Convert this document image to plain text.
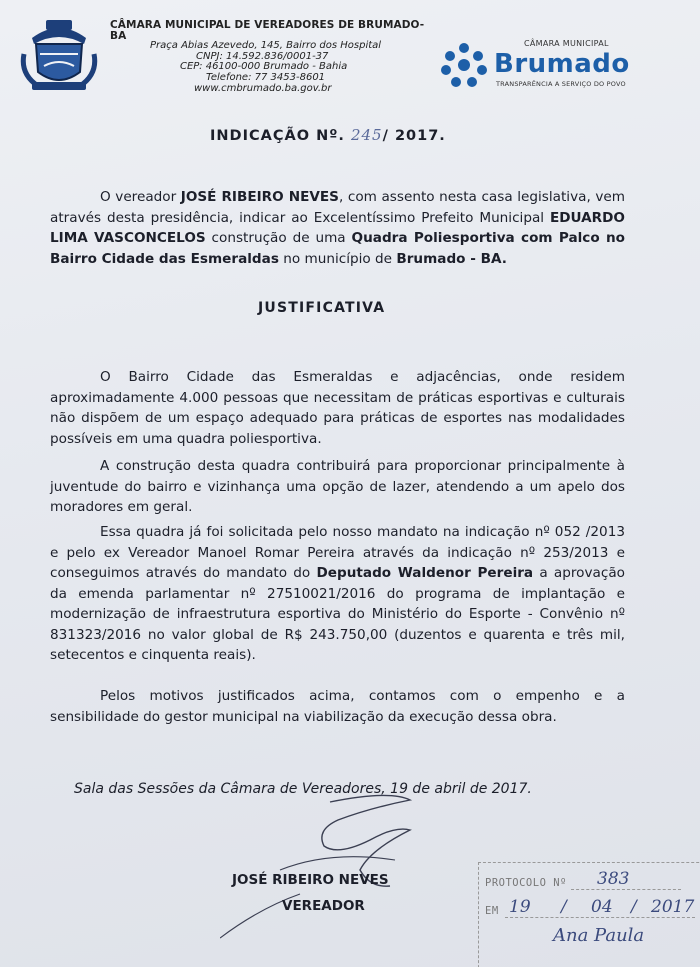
CÂMARA MUNICIPAL DE VEREADORES DE BRUMADO-BA
Praça Abias Azevedo, 145, Bairro dos Hospital
CNPJ: 14.592.836/0001-37
CEP: 46100-000 Brumado - Bahia
Telefone: 77 3453-8601
www.cmbrumado.ba.gov.br
CÂMARA MUNICIPAL
Brumado
TRANSPARÊNCIA A SERVIÇO DO POVO
INDICAÇÃO Nº. 245/ 2017.
O vereador JOSÉ RIBEIRO NEVES, com assento nesta casa legislativa, vem através desta presidência, indicar ao Excelentíssimo Prefeito Municipal EDUARDO LIMA VASCONCELOS construção de uma Quadra Poliesportiva com Palco no Bairro Cidade das Esmeraldas no município de Brumado - BA.
JUSTIFICATIVA
O Bairro Cidade das Esmeraldas e adjacências, onde residem aproximadamente 4.000 pessoas que necessitam de práticas esportivas e culturais não dispõem de um espaço adequado para práticas de esportes nas modalidades possíveis em uma quadra poliesportiva.
A construção desta quadra contribuirá para proporcionar principalmente à juventude do bairro e vizinhança uma opção de lazer, atendendo a um apelo dos moradores em geral.
Essa quadra já foi solicitada pelo nosso mandato na indicação nº 052 /2013 e pelo ex Vereador Manoel Romar Pereira através da indicação nº 253/2013 e conseguimos através do mandato do Deputado Waldenor Pereira a aprovação da emenda parlamentar nº 27510021/2016 do programa de implantação e modernização de infraestrutura esportiva do Ministério do Esporte - Convênio nº 831323/2016 no valor global de R$ 243.750,00 (duzentos e quarenta e três mil, setecentos e cinquenta reais).
Pelos motivos justificados acima, contamos com o empenho e a sensibilidade do gestor municipal na viabilização da execução dessa obra.
Sala das Sessões da Câmara de Vereadores, 19 de abril de 2017.
JOSÉ RIBEIRO NEVES
VEREADOR
PROTOCOLO Nº 383
EM 19 / 04 / 2017
Ana Paula
